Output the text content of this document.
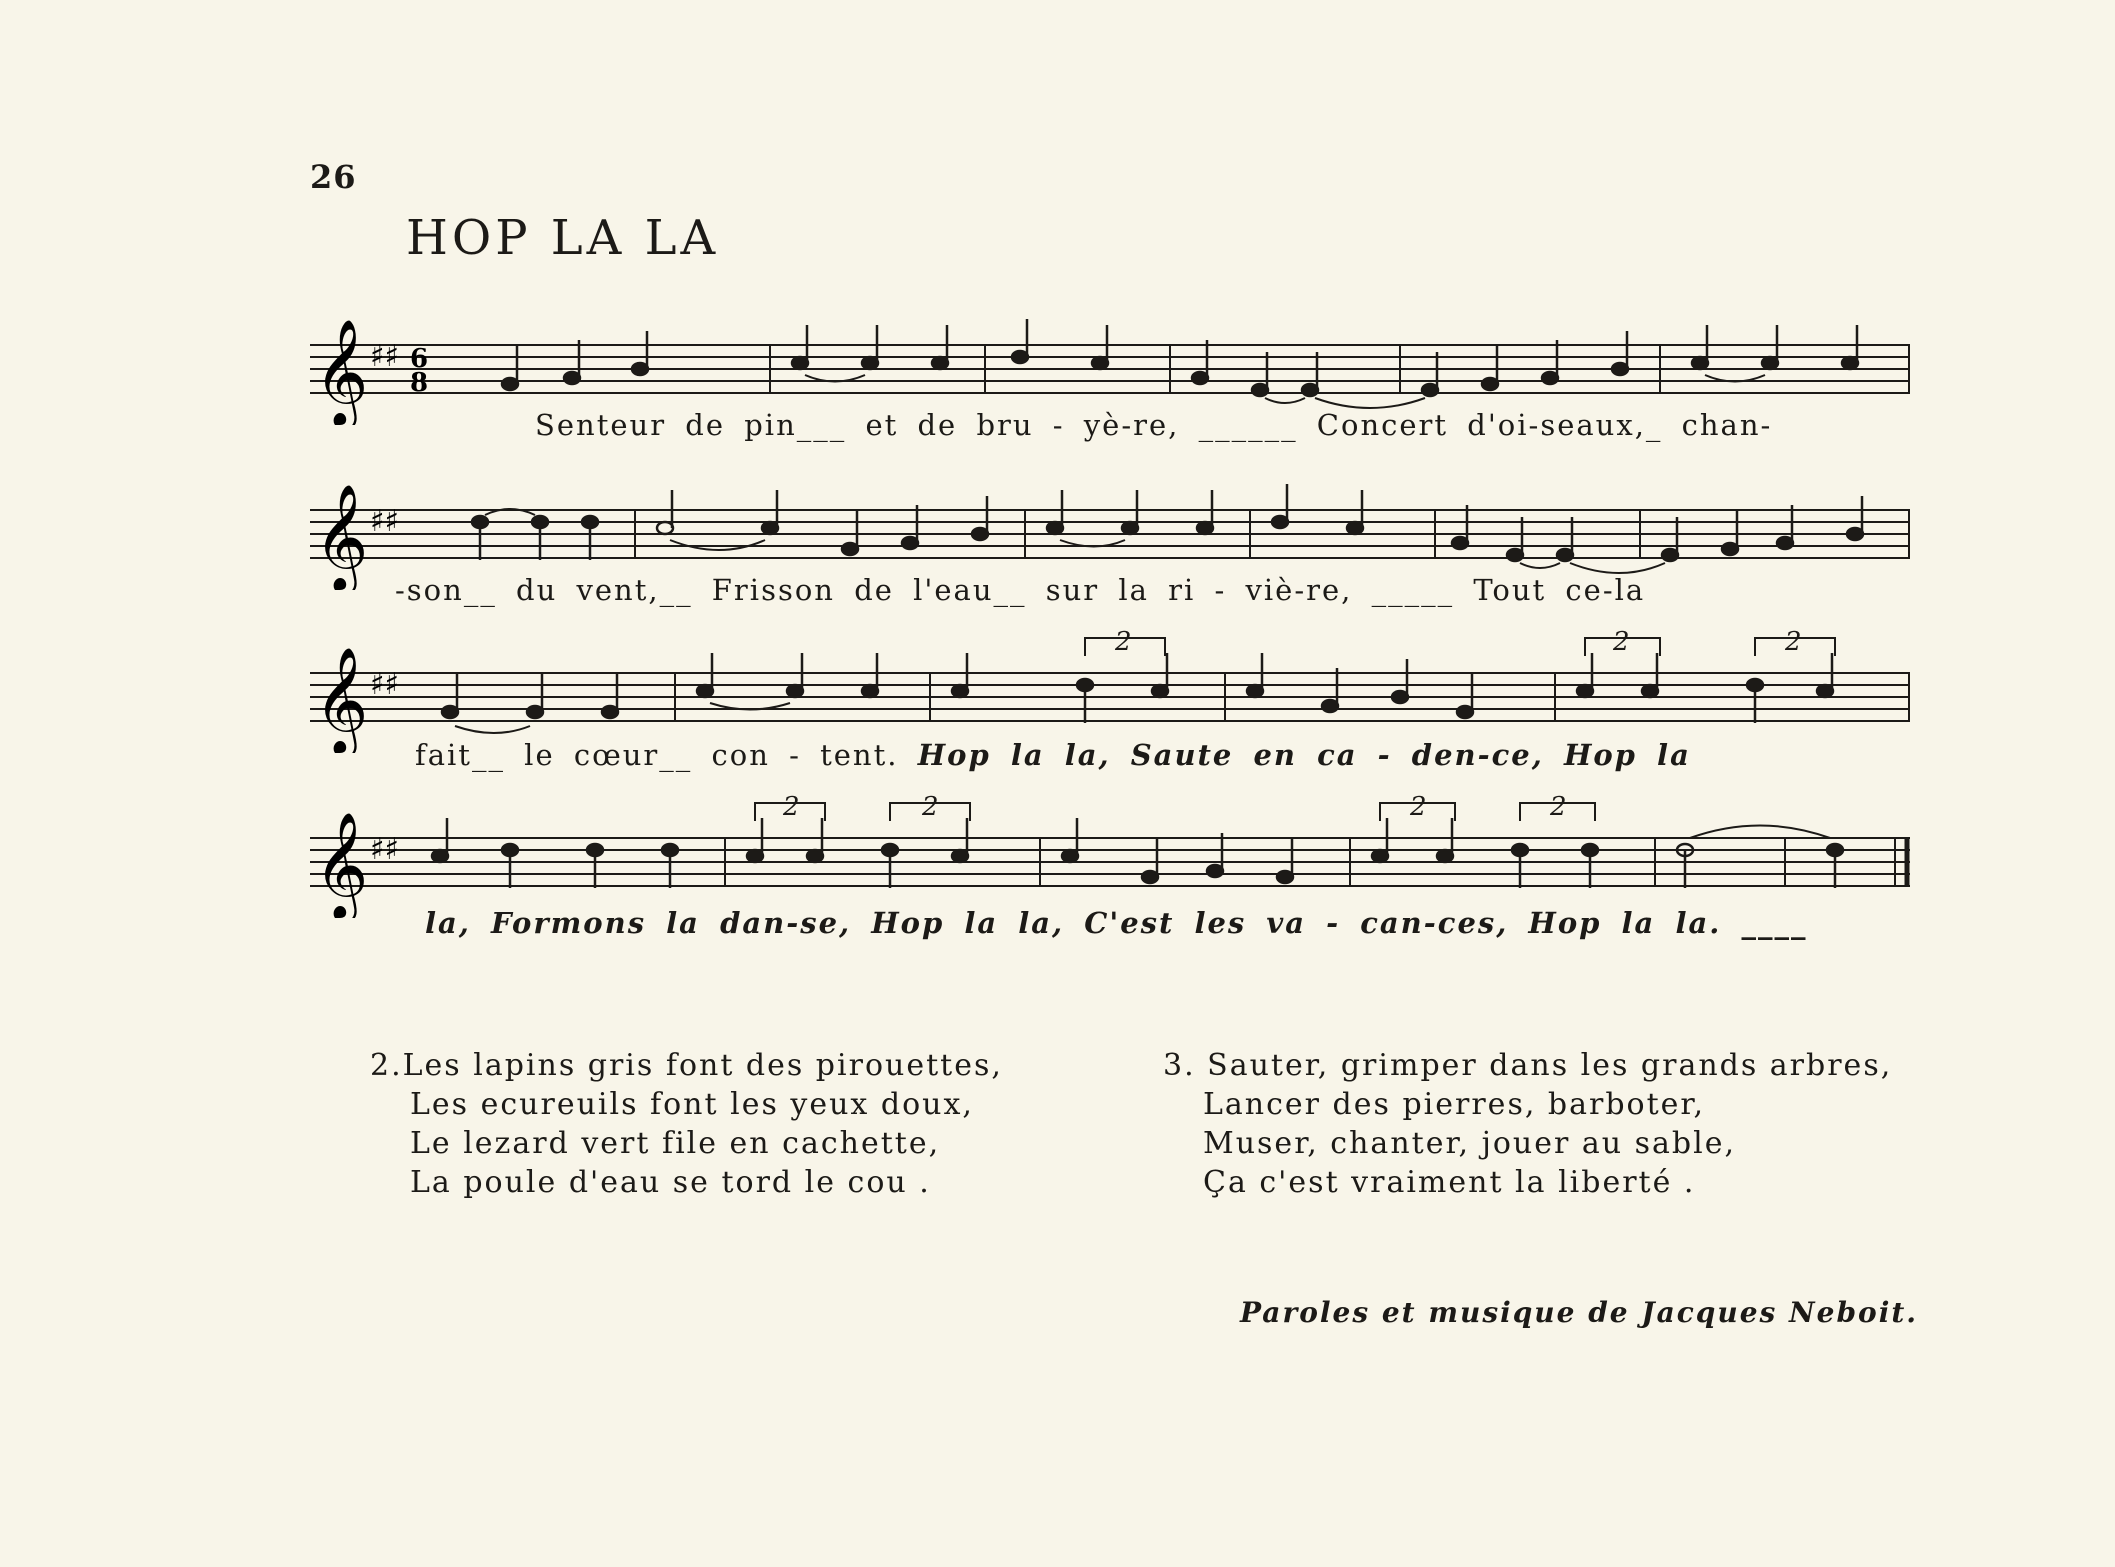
26
HOP LA LA
𝄞 ♯♯ 6
8
Senteur de pin___ et de bru - yè-re, ______ Concert d'oi-seaux,_ chan-
𝄞 ♯♯
-son__ du vent,__ Frisson de l'eau__ sur la ri - viè-re, _____ Tout ce-la
𝄞 ♯♯
2	2	2
fait__ le cœur__ con - tent. Hop la la, Saute en ca - den-ce, Hop la
𝄞 ♯♯
2	2	2	2
la, Formons la dan-se, Hop la la, C'est les va - can-ces, Hop la la. ____
2.Les lapins gris font des pirouettes,
Les ecureuils font les yeux doux,
Le lezard vert file en cachette,
La poule d'eau se tord le cou .
3. Sauter, grimper dans les grands arbres,
Lancer des pierres, barboter,
Muser, chanter, jouer au sable,
Ça c'est vraiment la liberté .
Paroles et musique de Jacques Neboit.
